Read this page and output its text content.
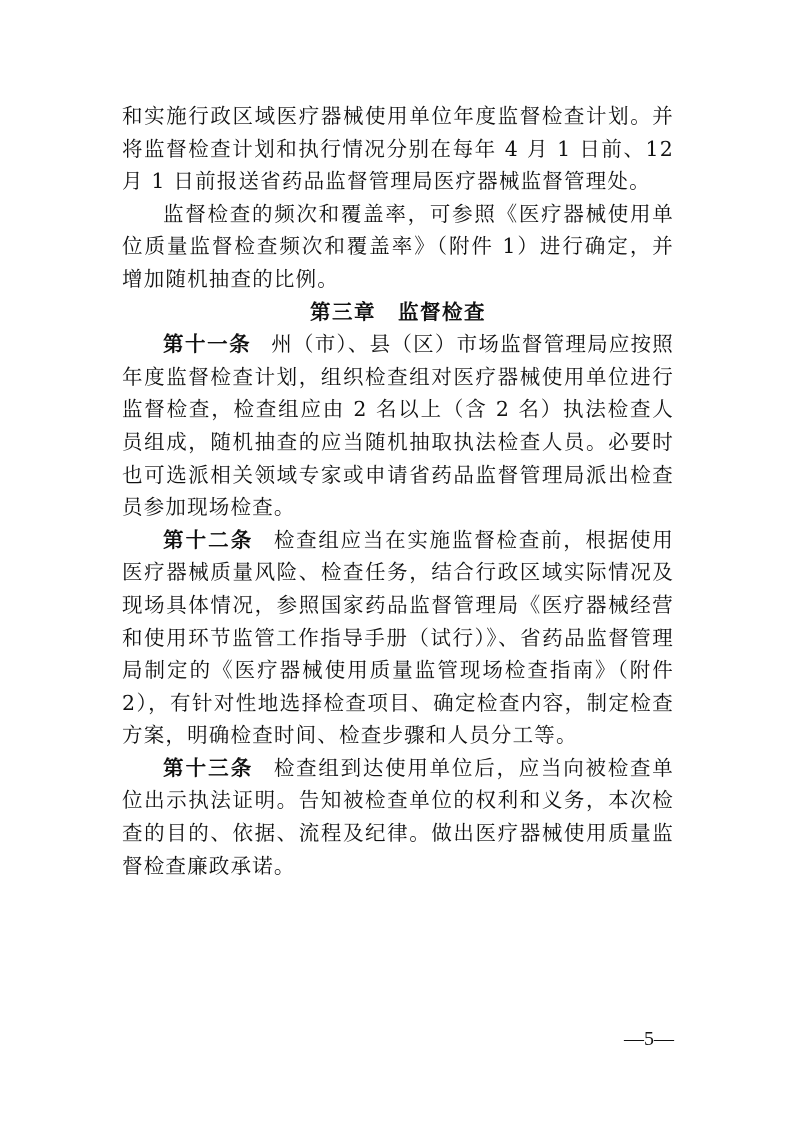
和实施行政区域医疗器械使用单位年度监督检查计划。并将监督检查计划和执行情况分别在每年 4 月 1 日前、12 月 1 日前报送省药品监督管理局医疗器械监督管理处。

监督检查的频次和覆盖率，可参照《医疗器械使用单位质量监督检查频次和覆盖率》（附件 1）进行确定，并增加随机抽查的比例。

第三章 监督检查

第十一条 州（市）、县（区）市场监督管理局应按照年度监督检查计划，组织检查组对医疗器械使用单位进行监督检查，检查组应由 2 名以上（含 2 名）执法检查人员组成，随机抽查的应当随机抽取执法检查人员。必要时也可选派相关领域专家或申请省药品监督管理局派出检查员参加现场检查。

第十二条 检查组应当在实施监督检查前，根据使用医疗器械质量风险、检查任务，结合行政区域实际情况及现场具体情况，参照国家药品监督管理局《医疗器械经营和使用环节监管工作指导手册（试行）》、省药品监督管理局制定的《医疗器械使用质量监管现场检查指南》（附件 2），有针对性地选择检查项目、确定检查内容，制定检查方案，明确检查时间、检查步骤和人员分工等。

第十三条 检查组到达使用单位后，应当向被检查单位出示执法证明。告知被检查单位的权利和义务，本次检查的目的、依据、流程及纪律。做出医疗器械使用质量监督检查廉政承诺。

—5—
